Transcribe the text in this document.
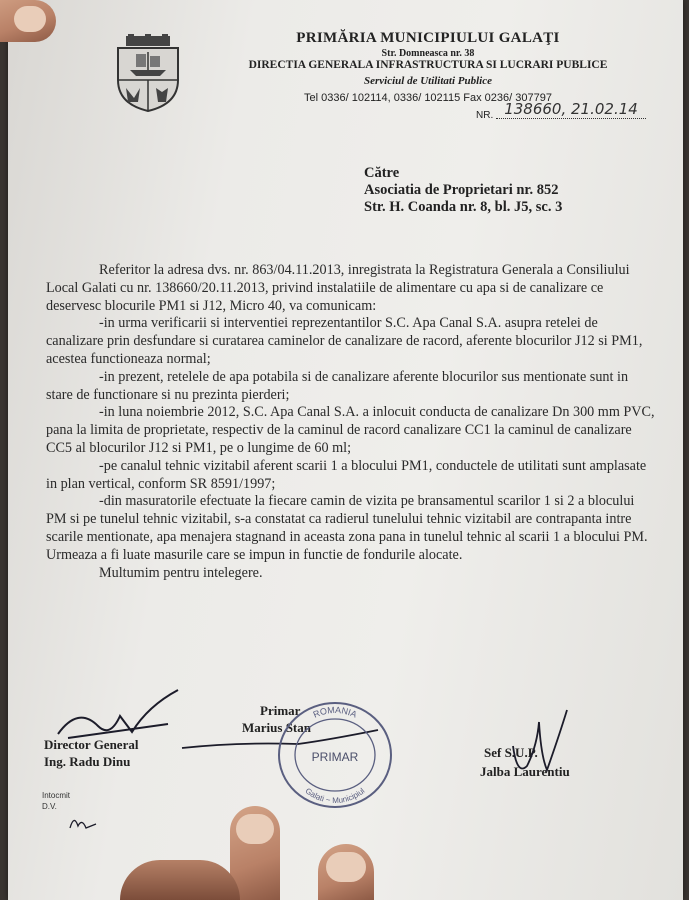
PRIMĂRIA MUNICIPIULUI GALAŢI
Str. Domneasca nr. 38
DIRECTIA GENERALA INFRASTRUCTURA SI LUCRARI PUBLICE
Serviciul de Utilitati Publice
Tel 0336/ 102114, 0336/ 102115 Fax 0236/ 307797
NR. 138660, 21.02.14
Către
Asociatia de Proprietari nr. 852
Str. H. Coanda nr. 8, bl. J5, sc. 3

Referitor la adresa dvs. nr. 863/04.11.2013, inregistrata la Registratura Generala a Consiliului Local Galati cu nr. 138660/20.11.2013, privind instalatiile de alimentare cu apa si de canalizare ce deservesc blocurile PM1 si J12, Micro 40, va comunicam:

-in urma verificarii si interventiei reprezentantilor S.C. Apa Canal S.A. asupra retelei de canalizare prin desfundare si curatarea caminelor de canalizare de racord, aferente blocurilor J12 si PM1, acestea functioneaza normal;

-in prezent, retelele de apa potabila si de canalizare aferente blocurilor sus mentionate sunt in stare de functionare si nu prezinta pierderi;

-in luna noiembrie 2012, S.C. Apa Canal S.A. a inlocuit conducta de canalizare Dn 300 mm PVC, pana la limita de proprietate, respectiv de la caminul de racord canalizare CC1 la caminul de canalizare CC5 al blocurilor J12 si PM1, pe o lungime de 60 ml;

-pe canalul tehnic vizitabil aferent scarii 1 a blocului PM1, conductele de utilitati sunt amplasate in plan vertical, conform SR 8591/1997;

-din masuratorile efectuate la fiecare camin de vizita pe bransamentul scarilor 1 si 2 a blocului PM si pe tunelul tehnic vizitabil, s-a constatat ca radierul tunelului tehnic vizitabil are contrapanta intre scarile mentionate, apa menajera stagnand in aceasta zona pana in tunelul tehnic al scarii 1 a blocului PM. Urmeaza a fi luate masurile care se impun in functie de fondurile alocate.

Multumim pentru intelegere.

Director General
Ing. Radu Dinu
Primar
Marius Stan
ROMANIA
PRIMAR
Galati ~ Municipiul
Sef S.U.P.
Jalba Laurentiu
Intocmit
D.V.
